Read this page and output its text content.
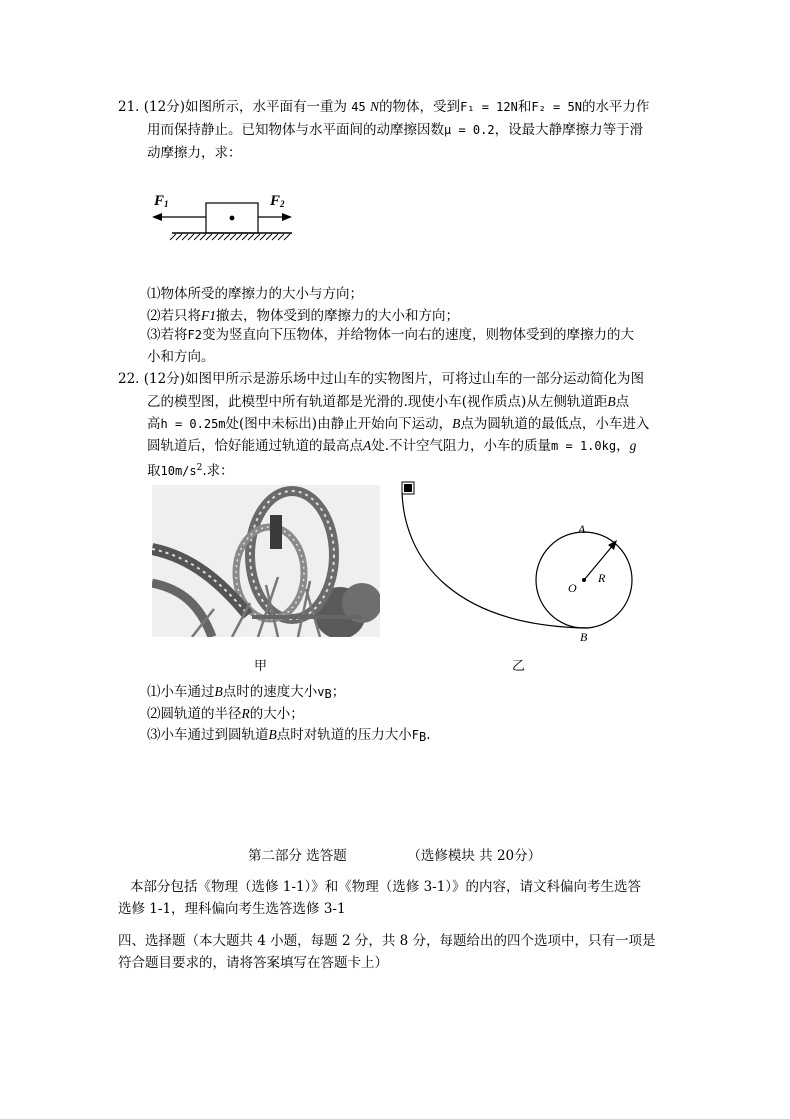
21. (12分)如图所示，水平面有一重为 45 N的物体，受到F₁ = 12N和F₂ = 5N的水平力作
用而保持静止。已知物体与水平面间的动摩擦因数μ = 0.2，设最大静摩擦力等于滑
动摩擦力，求：
$F_1$	$F_2$
⑴物体所受的摩擦力的大小与方向；
⑵若只将F1撤去，物体受到的摩擦力的大小和方向；
⑶若将F2变为竖直向下压物体，并给物体一向右的速度，则物体受到的摩擦力的大
小和方向。
22. (12分)如图甲所示是游乐场中过山车的实物图片，可将过山车的一部分运动简化为图
乙的模型图，此模型中所有轨道都是光滑的.现使小车(视作质点)从左侧轨道距B点
高h = 0.25m处(图中未标出)由静止开始向下运动，B点为圆轨道的最低点，小车进入
圆轨道后，恰好能通过轨道的最高点A处.不计空气阻力，小车的质量m = 1.0kg，g
取$10m/s^2$.求：
A
O
R
B
甲	乙
⑴小车通过B点时的速度大小vB；
⑵圆轨道的半径R的大小；
⑶小车通过到圆轨道B点时对轨道的压力大小FB.
第二部分 选答题	（选修模块 共 20分）
本部分包括《物理（选修 1-1）》和《物理（选修 3-1）》的内容，请文科偏向考生选答
选修 1-1，理科偏向考生选答选修 3-1
四、选择题（本大题共 4 小题，每题 2 分，共 8 分，每题给出的四个选项中，只有一项是
符合题目要求的，请将答案填写在答题卡上）
